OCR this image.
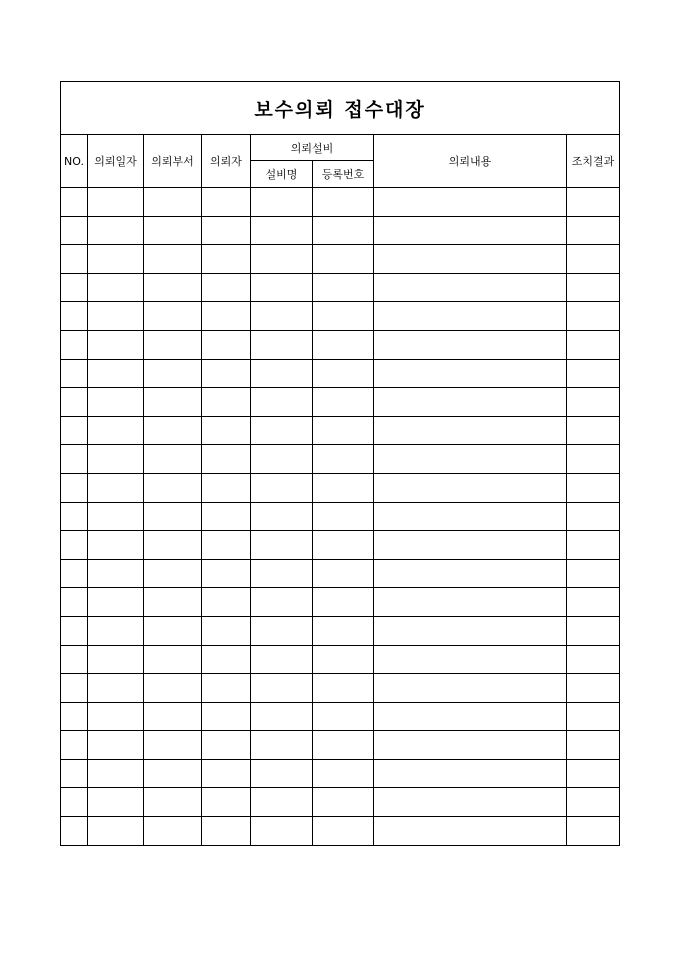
보수의뢰 접수대장							
NO.	의뢰일자	의뢰부서	의뢰자	의뢰설비		의뢰내용	조치결과
				설비명	등록번호		
